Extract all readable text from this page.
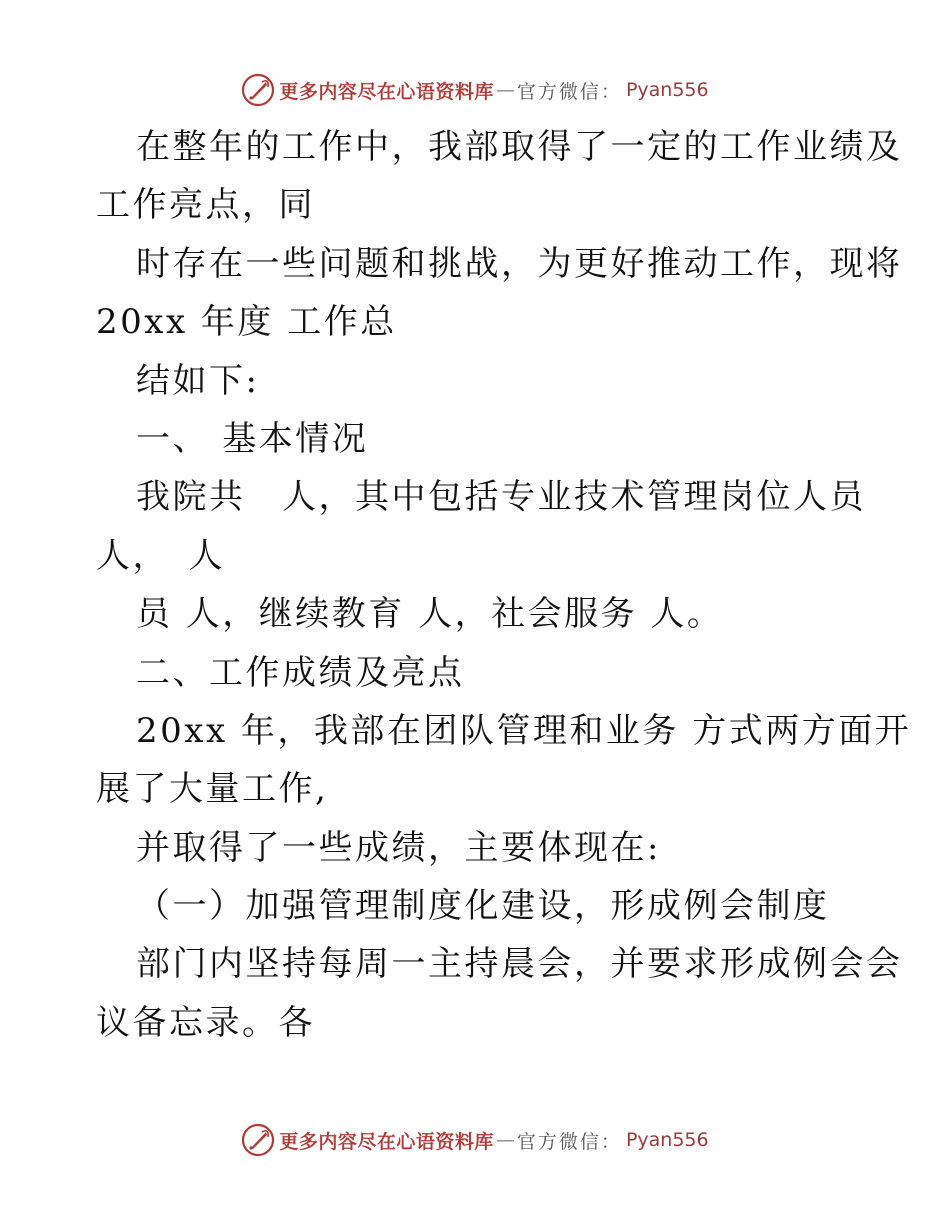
更多内容尽在心语资料库 — 官方微信： Pyan556
在整年的工作中，我部取得了一定的工作业绩及
工作亮点，同
时存在一些问题和挑战，为更好推动工作，现将
20xx 年度 工作总
结如下:
一、 基本情况
我院共　人，其中包括专业技术管理岗位人员
人，　人
员 人，继续教育 人，社会服务 人。
二、工作成绩及亮点
20xx 年，我部在团队管理和业务 方式两方面开
展了大量工作,
并取得了一些成绩，主要体现在:
（一）加强管理制度化建设，形成例会制度
部门内坚持每周一主持晨会，并要求形成例会会
议备忘录。各
更多内容尽在心语资料库 — 官方微信： Pyan556
